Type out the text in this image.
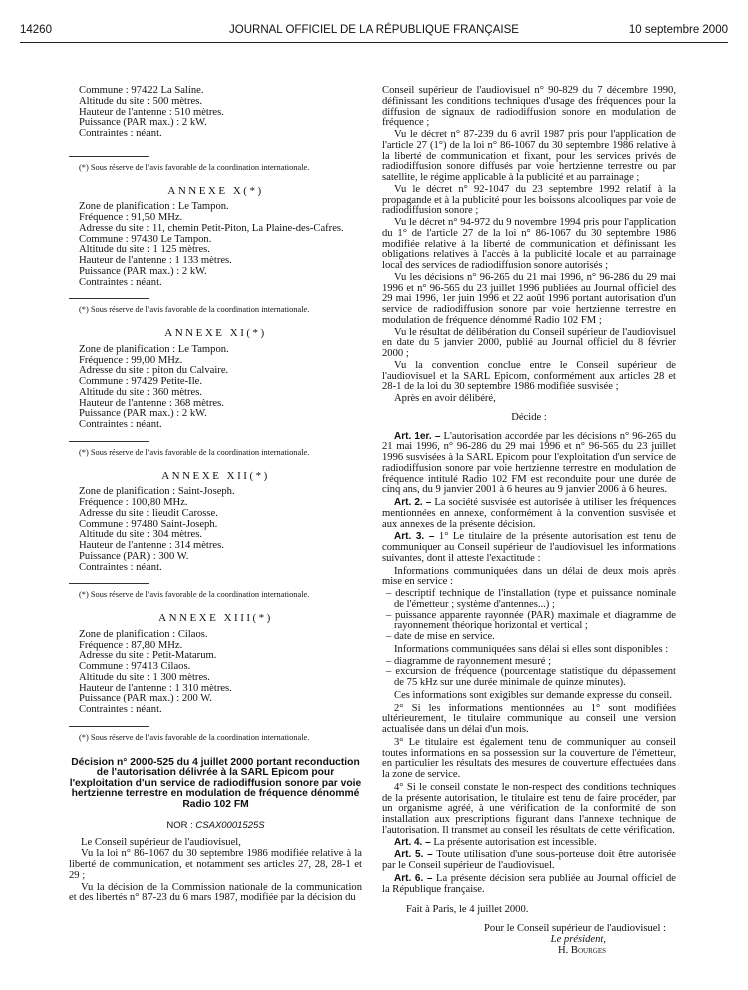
14260	JOURNAL OFFICIEL DE LA RÉPUBLIQUE FRANÇAISE	10 septembre 2000

Commune : 97422 La Saline.

Altitude du site : 500 mètres.

Hauteur de l'antenne : 510 mètres.

Puissance (PAR max.) : 2 kW.

Contraintes : néant.

(*) Sous réserve de l'avis favorable de la coordination internationale.

ANNEXE X(*)

Zone de planification : Le Tampon.

Fréquence : 91,50 MHz.

Adresse du site : 11, chemin Petit-Piton, La Plaine-des-Cafres.

Commune : 97430 Le Tampon.

Altitude du site : 1 125 mètres.

Hauteur de l'antenne : 1 133 mètres.

Puissance (PAR max.) : 2 kW.

Contraintes : néant.

(*) Sous réserve de l'avis favorable de la coordination internationale.

ANNEXE XI(*)

Zone de planification : Le Tampon.

Fréquence : 99,00 MHz.

Adresse du site : piton du Calvaire.

Commune : 97429 Petite-Ile.

Altitude du site : 360 mètres.

Hauteur de l'antenne : 368 mètres.

Puissance (PAR max.) : 2 kW.

Contraintes : néant.

(*) Sous réserve de l'avis favorable de la coordination internationale.

ANNEXE XII(*)

Zone de planification : Saint-Joseph.

Fréquence : 100,80 MHz.

Adresse du site : lieudit Carosse.

Commune : 97480 Saint-Joseph.

Altitude du site : 304 mètres.

Hauteur de l'antenne : 314 mètres.

Puissance (PAR) : 300 W.

Contraintes : néant.

(*) Sous réserve de l'avis favorable de la coordination internationale.

ANNEXE XIII(*)

Zone de planification : Cilaos.

Fréquence : 87,80 MHz.

Adresse du site : Petit-Matarum.

Commune : 97413 Cilaos.

Altitude du site : 1 300 mètres.

Hauteur de l'antenne : 1 310 mètres.

Puissance (PAR max.) : 200 W.

Contraintes : néant.

(*) Sous réserve de l'avis favorable de la coordination internationale.

Décision n° 2000-525 du 4 juillet 2000 portant reconduction de l'autorisation délivrée à la SARL Epicom pour l'exploitation d'un service de radiodiffusion sonore par voie hertzienne terrestre en modulation de fréquence dénommé Radio 102 FM

NOR : CSAX0001525S

Le Conseil supérieur de l'audiovisuel,

Vu la loi n° 86-1067 du 30 septembre 1986 modifiée relative à la liberté de communication, et notamment ses articles 27, 28, 28-1 et 29 ;

Vu la décision de la Commission nationale de la communication et des libertés n° 87-23 du 6 mars 1987, modifiée par la décision du

Conseil supérieur de l'audiovisuel n° 90-829 du 7 décembre 1990, définissant les conditions techniques d'usage des fréquences pour la diffusion de signaux de radiodiffusion sonore en modulation de fréquence ;

Vu le décret n° 87-239 du 6 avril 1987 pris pour l'application de l'article 27 (1°) de la loi n° 86-1067 du 30 septembre 1986 relative à la liberté de communication et fixant, pour les services privés de radiodiffusion sonore diffusés par voie hertzienne terrestre ou par satellite, le régime applicable à la publicité et au parrainage ;

Vu le décret n° 92-1047 du 23 septembre 1992 relatif à la propagande et à la publicité pour les boissons alcooliques par voie de radiodiffusion sonore ;

Vu le décret n° 94-972 du 9 novembre 1994 pris pour l'application du 1° de l'article 27 de la loi n° 86-1067 du 30 septembre 1986 modifiée relative à la liberté de communication et définissant les obligations relatives à l'accès à la publicité locale et au parrainage local des services de radiodiffusion sonore autorisés ;

Vu les décisions n° 96-265 du 21 mai 1996, n° 96-286 du 29 mai 1996 et n° 96-565 du 23 juillet 1996 publiées au Journal officiel des 29 mai 1996, 1er juin 1996 et 22 août 1996 portant autorisation d'un service de radiodiffusion sonore par voie hertzienne terrestre en modulation de fréquence dénommé Radio 102 FM ;

Vu le résultat de délibération du Conseil supérieur de l'audiovisuel en date du 5 janvier 2000, publié au Journal officiel du 8 février 2000 ;

Vu la convention conclue entre le Conseil supérieur de l'audiovisuel et la SARL Epicom, conformément aux articles 28 et 28-1 de la loi du 30 septembre 1986 modifiée susvisée ;

Après en avoir délibéré,

Décide :

Art. 1er. – L'autorisation accordée par les décisions n° 96-265 du 21 mai 1996, n° 96-286 du 29 mai 1996 et n° 96-565 du 23 juillet 1996 susvisées à la SARL Epicom pour l'exploitation d'un service de radiodiffusion sonore par voie hertzienne terrestre en modulation de fréquence intitulé Radio 102 FM est reconduite pour une durée de cinq ans, du 9 janvier 2001 à 6 heures au 9 janvier 2006 à 6 heures.

Art. 2. – La société susvisée est autorisée à utiliser les fréquences mentionnées en annexe, conformément à la convention susvisée et aux annexes de la présente décision.

Art. 3. – 1° Le titulaire de la présente autorisation est tenu de communiquer au Conseil supérieur de l'audiovisuel les informations suivantes, dont il atteste l'exactitude :

Informations communiquées dans un délai de deux mois après mise en service :

– descriptif technique de l'installation (type et puissance nominale de l'émetteur ; système d'antennes...) ;

– puissance apparente rayonnée (PAR) maximale et diagramme de rayonnement théorique horizontal et vertical ;

– date de mise en service.

Informations communiquées sans délai si elles sont disponibles :

– diagramme de rayonnement mesuré ;

– excursion de fréquence (pourcentage statistique du dépassement de 75 kHz sur une durée minimale de quinze minutes).

Ces informations sont exigibles sur demande expresse du conseil.

2° Si les informations mentionnées au 1° sont modifiées ultérieurement, le titulaire communique au conseil une version actualisée dans un délai d'un mois.

3° Le titulaire est également tenu de communiquer au conseil toutes informations en sa possession sur la couverture de l'émetteur, en particulier les résultats des mesures de couverture effectuées dans la zone de service.

4° Si le conseil constate le non-respect des conditions techniques de la présente autorisation, le titulaire est tenu de faire procéder, par un organisme agréé, à une vérification de la conformité de son installation aux prescriptions figurant dans l'annexe technique de l'autorisation. Il transmet au conseil les résultats de cette vérification.

Art. 4. – La présente autorisation est incessible.

Art. 5. – Toute utilisation d'une sous-porteuse doit être autorisée par le Conseil supérieur de l'audiovisuel.

Art. 6. – La présente décision sera publiée au Journal officiel de la République française.

Fait à Paris, le 4 juillet 2000.

Pour le Conseil supérieur de l'audiovisuel :

Le président,

H. Bourges
